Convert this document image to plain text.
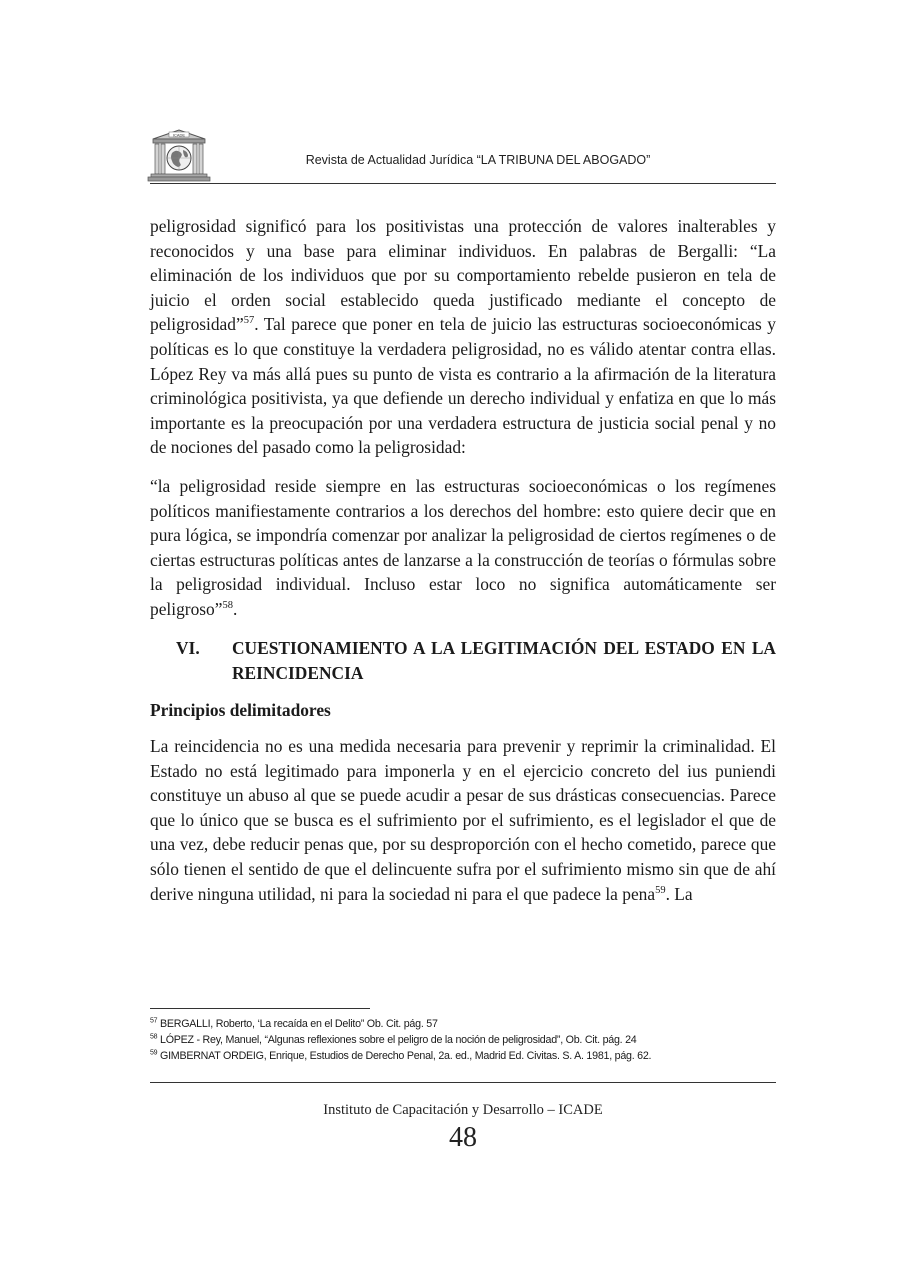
ICADE
Revista de Actualidad Jurídica “LA TRIBUNA DEL ABOGADO”

peligrosidad significó para los positivistas una protección de valores inalterables y reconocidos y una base para eliminar individuos. En palabras de Bergalli: “La eliminación de los individuos que por su comportamiento rebelde pusieron en tela de juicio el orden social establecido queda justificado mediante el concepto de peligrosidad”$^{57}$. Tal parece que poner en tela de juicio las estructuras socioeconómicas y políticas es lo que constituye la verdadera peligrosidad, no es válido atentar contra ellas. López Rey va más allá pues su punto de vista es contrario a la afirmación de la literatura criminológica positivista, ya que defiende un derecho individual y enfatiza en que lo más importante es la preocupación por una verdadera estructura de justicia social penal y no de nociones del pasado como la peligrosidad:

“la peligrosidad reside siempre en las estructuras socioeconómicas o los regímenes políticos manifiestamente contrarios a los derechos del hombre: esto quiere decir que en pura lógica, se impondría comenzar por analizar la peligrosidad de ciertos regímenes o de ciertas estructuras políticas antes de lanzarse a la construcción de teorías o fórmulas sobre la peligrosidad individual. Incluso estar loco no significa automáticamente ser peligroso”$^{58}$.

VI.	CUESTIONAMIENTO A LA LEGITIMACIÓN DEL ESTADO EN LA REINCIDENCIA
Principios delimitadores

La reincidencia no es una medida necesaria para prevenir y reprimir la criminalidad. El Estado no está legitimado para imponerla y en el ejercicio concreto del ius puniendi constituye un abuso al que se puede acudir a pesar de sus drásticas consecuencias. Parece que lo único que se busca es el sufrimiento por el sufrimiento, es el legislador el que de una vez, debe reducir penas que, por su desproporción con el hecho cometido, parece que sólo tienen el sentido de que el delincuente sufra por el sufrimiento mismo sin que de ahí derive ninguna utilidad, ni para la sociedad ni para el que padece la pena$^{59}$. La

$^{57}$ BERGALLI, Roberto, ‘La recaída en el Delito” Ob. Cit. pág. 57
$^{58}$ LÓPEZ - Rey, Manuel, “Algunas reflexiones sobre el peligro de la noción de peligrosidad”, Ob. Cit. pág. 24
$^{59}$ GIMBERNAT ORDEIG, Enrique, Estudios de Derecho Penal, 2a. ed., Madrid Ed. Civitas. S. A. 1981, pág. 62.
Instituto de Capacitación y Desarrollo – ICADE
48
